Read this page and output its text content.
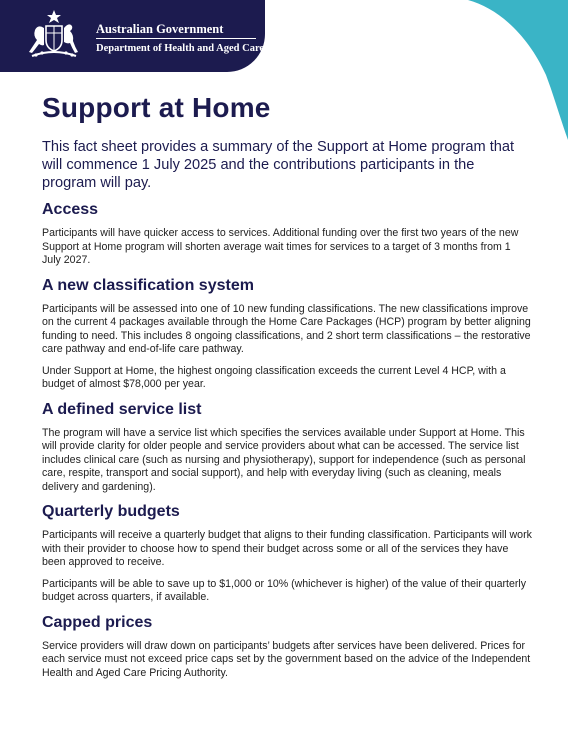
Australian Government
Department of Health and Aged Care
Support at Home

This fact sheet provides a summary of the Support at Home program that will commence 1 July 2025 and the contributions participants in the program will pay.

Access

Participants will have quicker access to services. Additional funding over the first two years of the new Support at Home program will shorten average wait times for services to a target of 3 months from 1 July 2027.

A new classification system

Participants will be assessed into one of 10 new funding classifications. The new classifications improve on the current 4 packages available through the Home Care Packages (HCP) program by better aligning funding to need. This includes 8 ongoing classifications, and 2 short term classifications – the restorative care pathway and end-of-life care pathway.

Under Support at Home, the highest ongoing classification exceeds the current Level 4 HCP, with a budget of almost $78,000 per year.

A defined service list

The program will have a service list which specifies the services available under Support at Home. This will provide clarity for older people and service providers about what can be accessed. The service list includes clinical care (such as nursing and physiotherapy), support for independence (such as personal care, respite, transport and social support), and help with everyday living (such as cleaning, meals delivery and gardening).

Quarterly budgets

Participants will receive a quarterly budget that aligns to their funding classification. Participants will work with their provider to choose how to spend their budget across some or all of the services they have been approved to receive.

Participants will be able to save up to $1,000 or 10% (whichever is higher) of the value of their quarterly budget across quarters, if available.

Capped prices

Service providers will draw down on participants’ budgets after services have been delivered. Prices for each service must not exceed price caps set by the government based on the advice of the Independent Health and Aged Care Pricing Authority.
